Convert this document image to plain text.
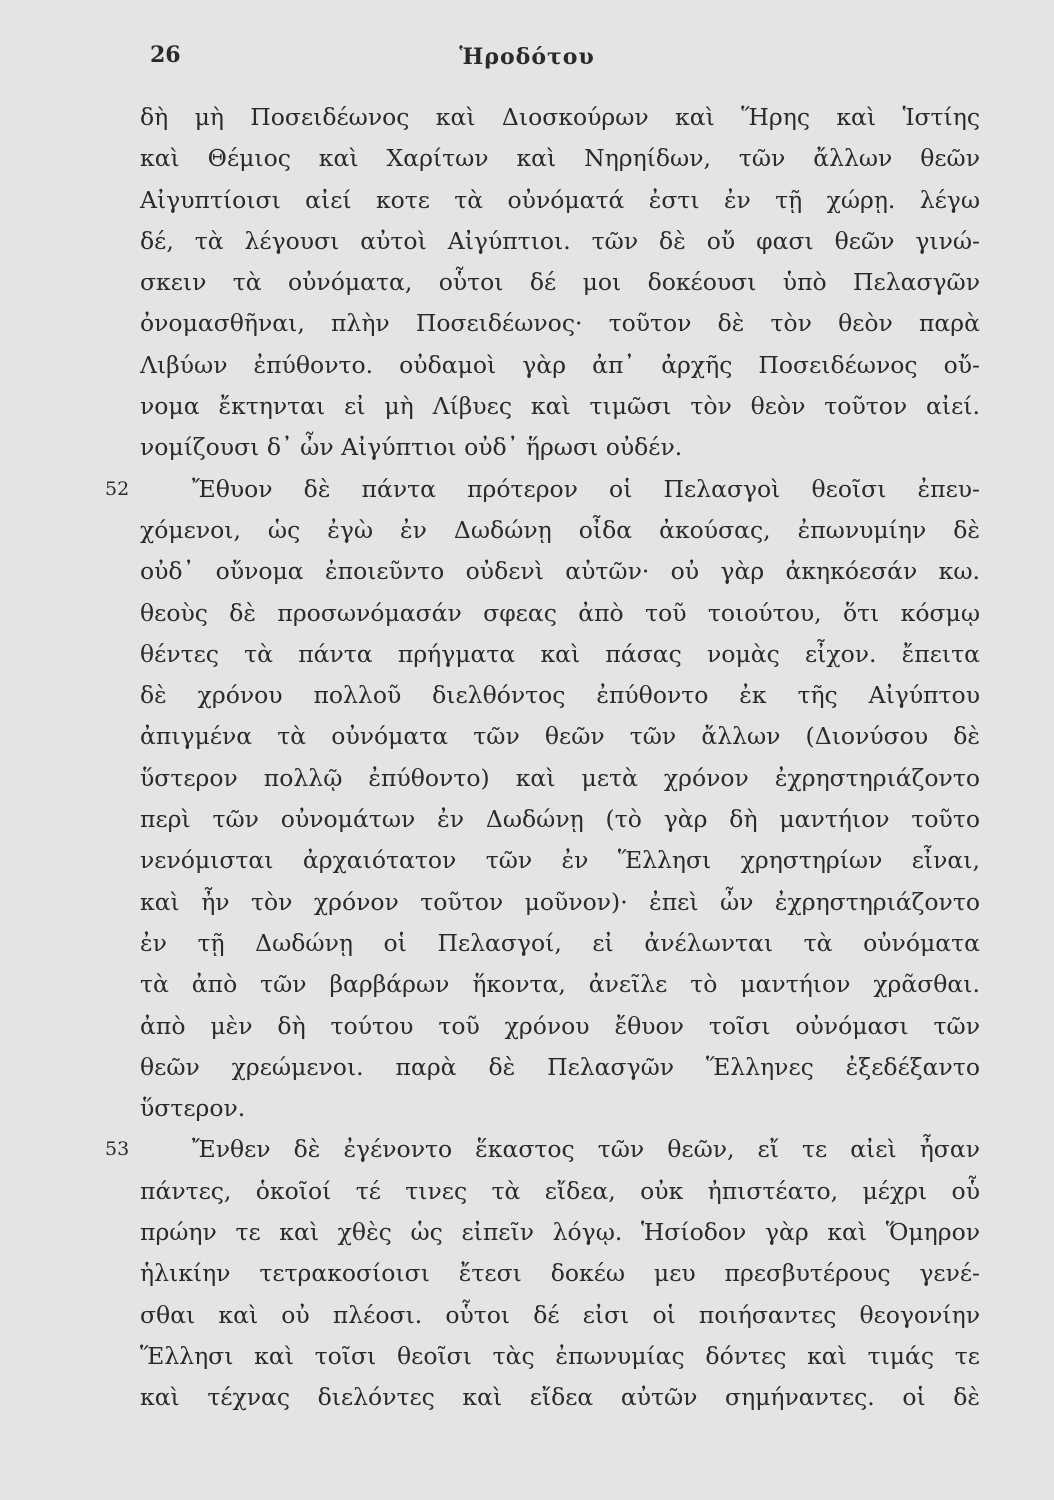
26	Ἡροδότου
δὴ μὴ Ποσειδέωνος καὶ Διοσκούρων καὶ Ἥρης καὶ Ἱστίης
καὶ Θέμιος καὶ Χαρίτων καὶ Νηρηίδων, τῶν ἄλλων θεῶν
Αἰγυπτίοισι αἰεί κοτε τὰ οὐνόματά ἐστι ἐν τῇ χώρῃ. λέγω
δέ, τὰ λέγουσι αὐτοὶ Αἰγύπτιοι. τῶν δὲ οὔ φασι θεῶν γινώ-
σκειν τὰ οὐνόματα, οὗτοι δέ μοι δοκέουσι ὑπὸ Πελασγῶν
ὀνομασθῆναι, πλὴν Ποσειδέωνος· τοῦτον δὲ τὸν θεὸν παρὰ
Λιβύων ἐπύθοντο. οὐδαμοὶ γὰρ ἀπ᾽ ἀρχῆς Ποσειδέωνος οὔ-
νομα ἔκτηνται εἰ μὴ Λίβυες καὶ τιμῶσι τὸν θεὸν τοῦτον αἰεί.
νομίζουσι δ᾽ ὦν Αἰγύπτιοι οὐδ᾽ ἥρωσι οὐδέν.
52	Ἔθυον δὲ πάντα πρότερον οἱ Πελασγοὶ θεοῖσι ἐπευ-
χόμενοι, ὡς ἐγὼ ἐν Δωδώνῃ οἶδα ἀκούσας, ἐπωνυμίην δὲ
οὐδ᾽ οὔνομα ἐποιεῦντο οὐδενὶ αὐτῶν· οὐ γὰρ ἀκηκόεσάν κω.
θεοὺς δὲ προσωνόμασάν σφεας ἀπὸ τοῦ τοιούτου, ὅτι κόσμῳ
θέντες τὰ πάντα πρήγματα καὶ πάσας νομὰς εἶχον. ἔπειτα
δὲ χρόνου πολλοῦ διελθόντος ἐπύθοντο ἐκ τῆς Αἰγύπτου
ἀπιγμένα τὰ οὐνόματα τῶν θεῶν τῶν ἄλλων (Διονύσου δὲ
ὕστερον πολλῷ ἐπύθοντο) καὶ μετὰ χρόνον ἐχρηστηριάζοντο
περὶ τῶν οὐνομάτων ἐν Δωδώνῃ (τὸ γὰρ δὴ μαντήιον τοῦτο
νενόμισται ἀρχαιότατον τῶν ἐν Ἕλλησι χρηστηρίων εἶναι,
καὶ ἦν τὸν χρόνον τοῦτον μοῦνον)· ἐπεὶ ὦν ἐχρηστηριάζοντο
ἐν τῇ Δωδώνῃ οἱ Πελασγοί, εἰ ἀνέλωνται τὰ οὐνόματα
τὰ ἀπὸ τῶν βαρβάρων ἥκοντα, ἀνεῖλε τὸ μαντήιον χρᾶσθαι.
ἀπὸ μὲν δὴ τούτου τοῦ χρόνου ἔθυον τοῖσι οὐνόμασι τῶν
θεῶν χρεώμενοι. παρὰ δὲ Πελασγῶν Ἕλληνες ἐξεδέξαντο
ὕστερον.
53	Ἔνθεν δὲ ἐγένοντο ἕκαστος τῶν θεῶν, εἴ τε αἰεὶ ἦσαν
πάντες, ὁκοῖοί τέ τινες τὰ εἴδεα, οὐκ ἠπιστέατο, μέχρι οὗ
πρώην τε καὶ χθὲς ὡς εἰπεῖν λόγῳ. Ἡσίοδον γὰρ καὶ Ὅμηρον
ἡλικίην τετρακοσίοισι ἔτεσι δοκέω μευ πρεσβυτέρους γενέ-
σθαι καὶ οὐ πλέοσι. οὗτοι δέ εἰσι οἱ ποιήσαντες θεογονίην
Ἕλλησι καὶ τοῖσι θεοῖσι τὰς ἐπωνυμίας δόντες καὶ τιμάς τε
καὶ τέχνας διελόντες καὶ εἴδεα αὐτῶν σημήναντες. οἱ δὲ
